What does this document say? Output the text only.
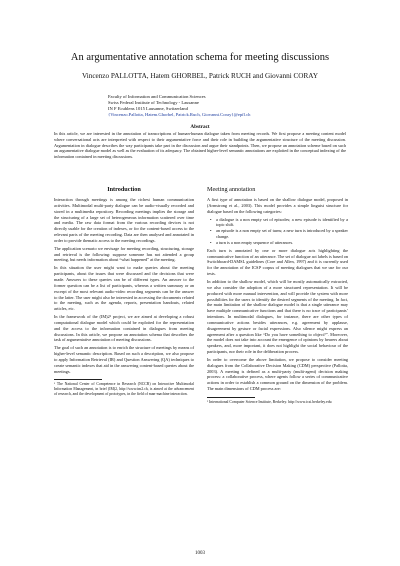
An argumentative annotation schema for meeting discussions
Vincenzo PALLOTTA, Hatem GHORBEL, Patrick RUCH and Giovanni CORAY
Faculty of Information and Communication Sciences
Swiss Federal Institute of Technology - Lausanne
IN F Ecublens 1015 Lausanne, Switzerland
{Vincenzo.Pallotta, Hatem.Ghorbel, Patrick.Ruch, Giovanni.Coray}@epfl.ch
Abstract

In this article, we are interested in the annotation of transcriptions of human-human dialogue taken from meeting records. We first propose a meeting content model where conversational acts are interpreted with respect to their argumentative force and their role in building the argumentative structure of the meeting discussion. Argumentation in dialogue describes the way participants take part in the discussion and argue their standpoints. Then, we propose an annotation scheme based on such an argumentative dialogue model as well as the evaluation of its adequacy. The obtained higher-level semantic annotations are exploited in the conceptual indexing of the information contained in meeting discussions.

Introduction

Interaction through meetings is among the richest human communication activities. Multimodal multi-party dialogue can be audio-visually recorded and stored in a multimedia repository. Recording meetings implies the storage and the structuring of a large set of heterogeneous information scattered over time and media. The raw data format from the various recording devices is not directly usable for the creation of indexes, or for the content-based access to the relevant parts of the meeting recording. Data are then analysed and annotated in order to provide thematic access to the meeting recordings.

The application scenario we envisage for meeting recording, structuring, storage and retrieval is the following: suppose someone has not attended a group meeting, but needs information about “what happened” at the meeting.

In this situation the user might want to make queries about the meeting participants, about the issues that were discussed and the decisions that were made. Answers to these queries can be of different types. An answer to the former question can be a list of participants, whereas a written summary or an excerpt of the most relevant audio-video recording segments can be the answer to the latter. The user might also be interested in accessing the documents related to the meeting, such as the agenda, reports, presentation handouts, related articles, etc.

In the framework of the (IM)2¹ project, we are aimed at developing a robust computational dialogue model which could be exploited for the representation and the access to the information contained in dialogues from meeting discussions. In this article, we propose an annotation schema that describes the task of argumentative annotation of meeting discussions.

The goal of such an annotation is to enrich the structure of meetings by means of higher-level semantic description. Based on such a description, we also propose to apply Information Retrieval (IR) and Question Answering (QA) techniques to create semantic indexes that aid in the answering content-based queries about the meetings.

¹ The National Center of Competence in Research (NCCR) on Interactive Multimodal Information Management, in brief (IM)2, http://www.im2.ch, is aimed at the advancement of research, and the development of prototypes, in the field of man-machine interaction.

Meeting annotation

A first type of annotation is based on the shallow dialogue model, proposed in (Armstrong et al., 2003). This model provides a simple linguist structure for dialogue based on the following categories:

• a dialogue is a non empty set of episodes; a new episode is identified by a topic shift.
• an episode is a non empty set of turns; a new turn is introduced by a speaker change.
• a turn is a non empty sequence of utterances.

Each turn is annotated by one or more dialogue acts highlighting the communicative function of an utterance. The set of dialogue act labels is based on Switchboard-DAMSL guidelines (Core and Allen, 1997) and it is currently used for the annotation of the ICSI² corpus of meeting dialogues that we use for our tests.

In addition to the shallow model, which will be mostly automatically extracted, we also consider the adoption of a more structured representation. It will be produced with more manual intervention, and will provide the system with more possibilities for the users to identify the desired segments of the meeting. In fact, the main limitation of the shallow dialogue model is that a single utterance may have multiple communicative functions and that there is no trace of participants’ intentions. In multimodal dialogues, for instance, there are other types of communicative actions besides utterances, e.g. agreement by applause, disagreement by gesture or facial expressions. Also silence might express an agreement after a question like “Do you have something to object?”. Moreover, the model does not take into account the emergence of opinions by hearers about speakers, and, more important, it does not highlight the social behaviour of the participants, nor their role in the deliberation process.

In order to overcome the above limitation, we propose to consider meeting dialogues from the Collaborative Decision Making (CDM) perspective (Pallotta, 2003). A meeting is defined as a multi-party (multi-agent) decision making process: a collaborative process, where agents follow a series of communicative actions in order to establish a common ground on the dimension of the problem. The main dimensions of CDM process are:

² International Computer Science Institute, Berkeley. http://www.icsi.berkeley.edu

1003
